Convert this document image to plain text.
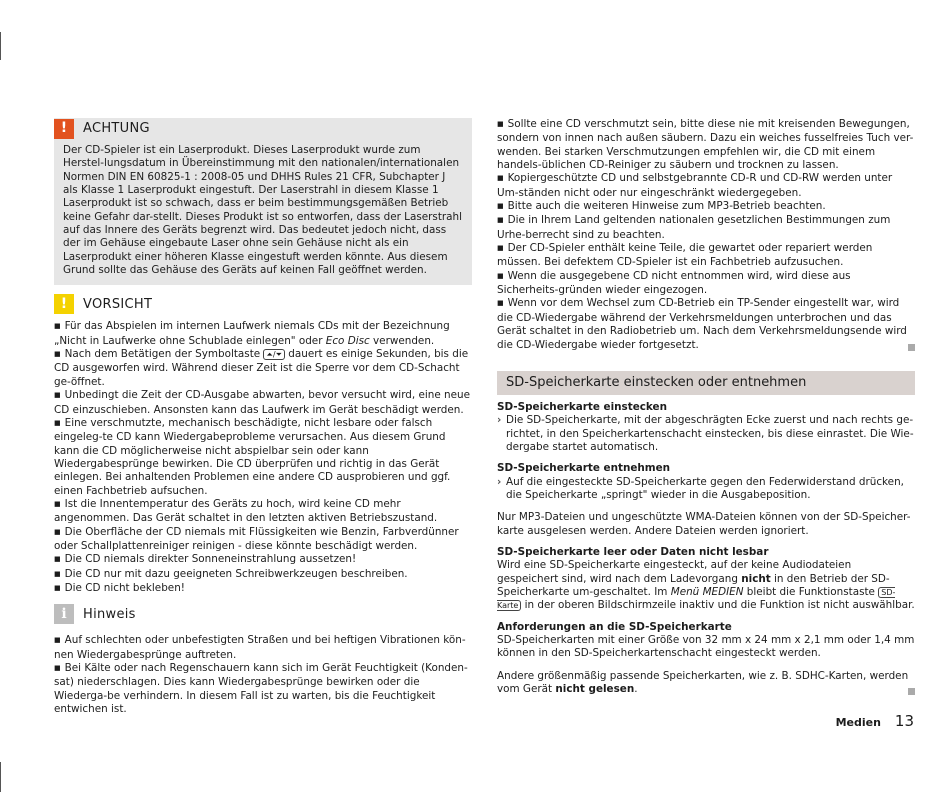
!	ACHTUNG

Der CD-Spieler ist ein Laserprodukt. Dieses Laserprodukt wurde zum Herstel-lungsdatum in Übereinstimmung mit den nationalen/internationalen Normen DIN EN 60825-1 : 2008-05 und DHHS Rules 21 CFR, Subchapter J als Klasse 1 Laserprodukt eingestuft. Der Laserstrahl in diesem Klasse 1 Laserprodukt ist so schwach, dass er beim bestimmungsgemäßen Betrieb keine Gefahr dar-stellt. Dieses Produkt ist so entworfen, dass der Laserstrahl auf das Innere des Geräts begrenzt wird. Das bedeutet jedoch nicht, dass der im Gehäuse eingebaute Laser ohne sein Gehäuse nicht als ein Laserprodukt einer höheren Klasse eingestuft werden könnte. Aus diesem Grund sollte das Gehäuse des Geräts auf keinen Fall geöffnet werden.

!	VORSICHT

■ Für das Abspielen im internen Laufwerk niemals CDs mit der Bezeichnung „Nicht in Laufwerke ohne Schublade einlegen" oder Eco Disc verwenden.

■ Nach dem Betätigen der Symboltaste ⏶/⏷ dauert es einige Sekunden, bis die CD ausgeworfen wird. Während dieser Zeit ist die Sperre vor dem CD-Schacht ge-öffnet.

■ Unbedingt die Zeit der CD-Ausgabe abwarten, bevor versucht wird, eine neue CD einzuschieben. Ansonsten kann das Laufwerk im Gerät beschädigt werden.

■ Eine verschmutzte, mechanisch beschädigte, nicht lesbare oder falsch eingeleg-te CD kann Wiedergabeprobleme verursachen. Aus diesem Grund kann die CD möglicherweise nicht abspielbar sein oder kann Wiedergabesprünge bewirken. Die CD überprüfen und richtig in das Gerät einlegen. Bei anhaltenden Problemen eine andere CD ausprobieren und ggf. einen Fachbetrieb aufsuchen.

■ Ist die Innentemperatur des Geräts zu hoch, wird keine CD mehr angenommen. Das Gerät schaltet in den letzten aktiven Betriebszustand.

■ Die Oberfläche der CD niemals mit Flüssigkeiten wie Benzin, Farbverdünner oder Schallplattenreiniger reinigen - diese könnte beschädigt werden.

■ Die CD niemals direkter Sonneneinstrahlung aussetzen!

■ Die CD nur mit dazu geeigneten Schreibwerkzeugen beschreiben.

■ Die CD nicht bekleben!

i	Hinweis

■ Auf schlechten oder unbefestigten Straßen und bei heftigen Vibrationen kön-nen Wiedergabesprünge auftreten.

■ Bei Kälte oder nach Regenschauern kann sich im Gerät Feuchtigkeit (Konden-sat) niederschlagen. Dies kann Wiedergabesprünge bewirken oder die Wiederga-be verhindern. In diesem Fall ist zu warten, bis die Feuchtigkeit entwichen ist.

■ Sollte eine CD verschmutzt sein, bitte diese nie mit kreisenden Bewegungen, sondern von innen nach außen säubern. Dazu ein weiches fusselfreies Tuch ver-wenden. Bei starken Verschmutzungen empfehlen wir, die CD mit einem handels-üblichen CD-Reiniger zu säubern und trocknen zu lassen.

■ Kopiergeschützte CD und selbstgebrannte CD-R und CD-RW werden unter Um-ständen nicht oder nur eingeschränkt wiedergegeben.

■ Bitte auch die weiteren Hinweise zum MP3-Betrieb beachten.

■ Die in Ihrem Land geltenden nationalen gesetzlichen Bestimmungen zum Urhe-berrecht sind zu beachten.

■ Der CD-Spieler enthält keine Teile, die gewartet oder repariert werden müssen. Bei defektem CD-Spieler ist ein Fachbetrieb aufzusuchen.

■ Wenn die ausgegebene CD nicht entnommen wird, wird diese aus Sicherheits-gründen wieder eingezogen.

■ Wenn vor dem Wechsel zum CD-Betrieb ein TP-Sender eingestellt war, wird die CD-Wiedergabe während der Verkehrsmeldungen unterbrochen und das Gerät schaltet in den Radiobetrieb um. Nach dem Verkehrsmeldungsende wird die CD-Wiedergabe wieder fortgesetzt.

SD-Speicherkarte einstecken oder entnehmen

SD-Speicherkarte einstecken

› Die SD-Speicherkarte, mit der abgeschrägten Ecke zuerst und nach rechts ge-richtet, in den Speicherkartenschacht einstecken, bis diese einrastet. Die Wie-dergabe startet automatisch.

SD-Speicherkarte entnehmen

› Auf die eingesteckte SD-Speicherkarte gegen den Federwiderstand drücken, die Speicherkarte „springt" wieder in die Ausgabeposition.

Nur MP3-Dateien und ungeschützte WMA-Dateien können von der SD-Speicher-karte ausgelesen werden. Andere Dateien werden ignoriert.

SD-Speicherkarte leer oder Daten nicht lesbar

Wird eine SD-Speicherkarte eingesteckt, auf der keine Audiodateien gespeichert sind, wird nach dem Ladevorgang nicht in den Betrieb der SD-Speicherkarte um-geschaltet. Im Menü MEDIEN bleibt die Funktionstaste SD-Karte in der oberen Bildschirmzeile inaktiv und die Funktion ist nicht auswählbar.

Anforderungen an die SD-Speicherkarte

SD-Speicherkarten mit einer Größe von 32 mm x 24 mm x 2,1 mm oder 1,4 mm können in den SD-Speicherkartenschacht eingesteckt werden.

Andere größenmäßig passende Speicherkarten, wie z. B. SDHC-Karten, werden vom Gerät nicht gelesen.

Medien 13
